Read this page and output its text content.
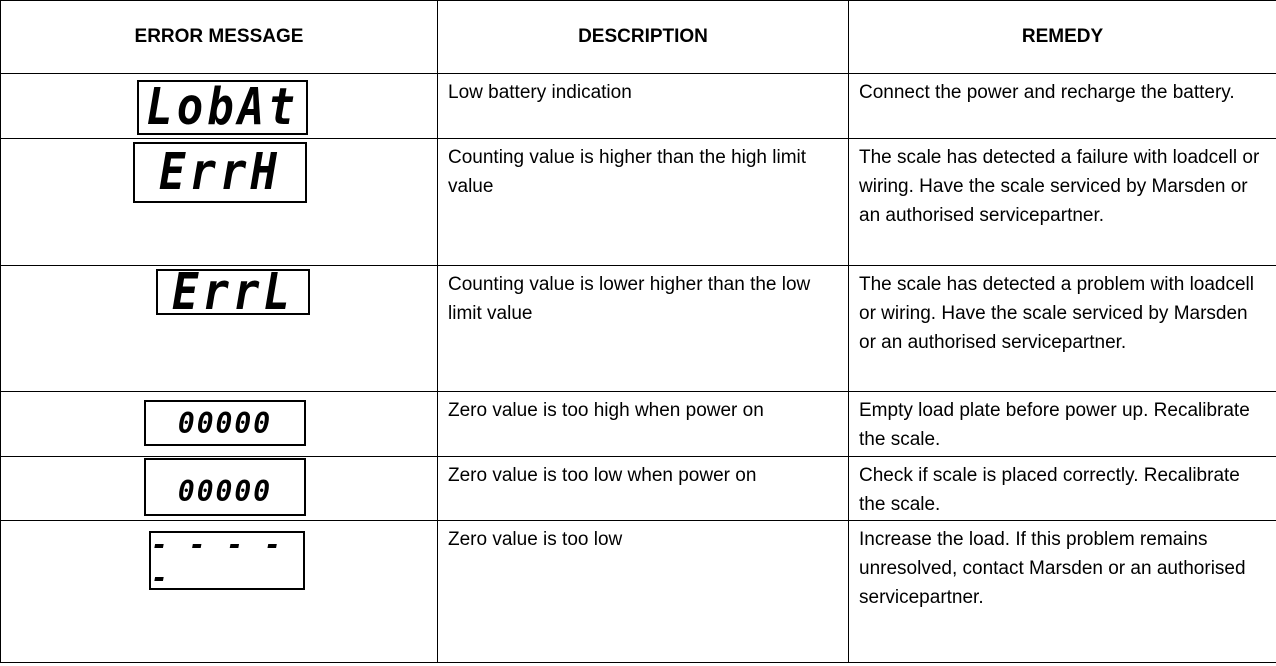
ERROR MESSAGE	DESCRIPTION	REMEDY

LobAt	Low battery indication	Connect the power and recharge the battery.

ErrH	Counting value is higher than the high limit value	The scale has detected a failure with loadcell or wiring. Have the scale serviced by Marsden or an authorised servicepartner.

ErrL	Counting value is lower higher than the low limit value	The scale has detected a problem with loadcell or wiring. Have the scale serviced by Marsden or an authorised servicepartner.

00000	Zero value is too high when power on	Empty load plate before power up. Recalibrate the scale.

00000	Zero value is too low when power on	Check if scale is placed correctly. Recalibrate the scale.

- - - - -	Zero value is too low	Increase the load. If this problem remains unresolved, contact Marsden or an authorised servicepartner.
